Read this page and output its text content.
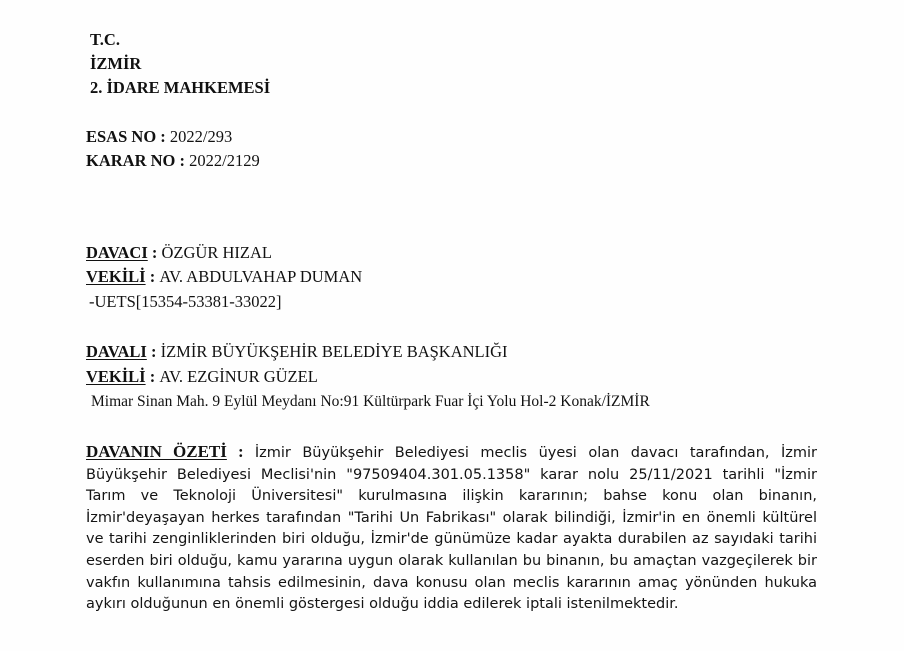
T.C.
İZMİR
2. İDARE MAHKEMESİ
ESAS NO : 2022/293
KARAR NO : 2022/2129
DAVACI : ÖZGÜR HIZAL
VEKİLİ : AV. ABDULVAHAP DUMAN
-UETS[15354-53381-33022]
DAVALI : İZMİR BÜYÜKŞEHİR BELEDİYE BAŞKANLIĞI
VEKİLİ : AV. EZGİNUR GÜZEL
Mimar Sinan Mah. 9 Eylül Meydanı No:91 Kültürpark Fuar İçi Yolu Hol-2 Konak/İZMİR
DAVANIN ÖZETİ : İzmir Büyükşehir Belediyesi meclis üyesi olan davacı tarafından, İzmir Büyükşehir Belediyesi Meclisi'nin "97509404.301.05.1358" karar nolu 25/11/2021 tarihli "İzmir Tarım ve Teknoloji Üniversitesi" kurulmasına ilişkin kararının; bahse konu olan binanın, İzmir'deyaşayan herkes tarafından "Tarihi Un Fabrikası" olarak bilindiği, İzmir'in en önemli kültürel ve tarihi zenginliklerinden biri olduğu, İzmir'de günümüze kadar ayakta durabilen az sayıdaki tarihi eserden biri olduğu, kamu yararına uygun olarak kullanılan bu binanın, bu amaçtan vazgeçilerek bir vakfın kullanımına tahsis edilmesinin, dava konusu olan meclis kararının amaç yönünden hukuka aykırı olduğunun en önemli göstergesi olduğu iddia edilerek iptali istenilmektedir.
